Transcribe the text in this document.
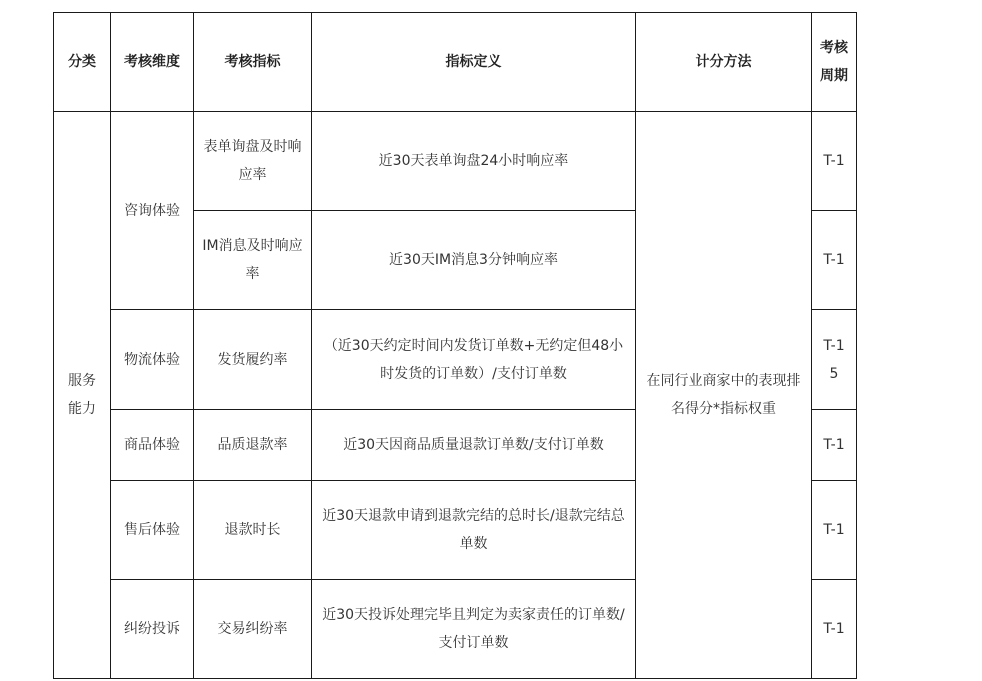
分类	考核维度	考核指标	指标定义	计分方法	考核周期
服务能力	咨询体验	表单询盘及时响应率	近30天表单询盘24小时响应率	在同行业商家中的表现排名得分*指标权重	T-1
		IM消息及时响应率	近30天IM消息3分钟响应率		T-1
	物流体验	发货履约率	（近30天约定时间内发货订单数+无约定但48小时发货的订单数）/支付订单数		T-15
	商品体验	品质退款率	近30天因商品质量退款订单数/支付订单数		T-1
	售后体验	退款时长	近30天退款申请到退款完结的总时长/退款完结总单数		T-1
	纠纷投诉	交易纠纷率	近30天投诉处理完毕且判定为卖家责任的订单数/支付订单数		T-1
